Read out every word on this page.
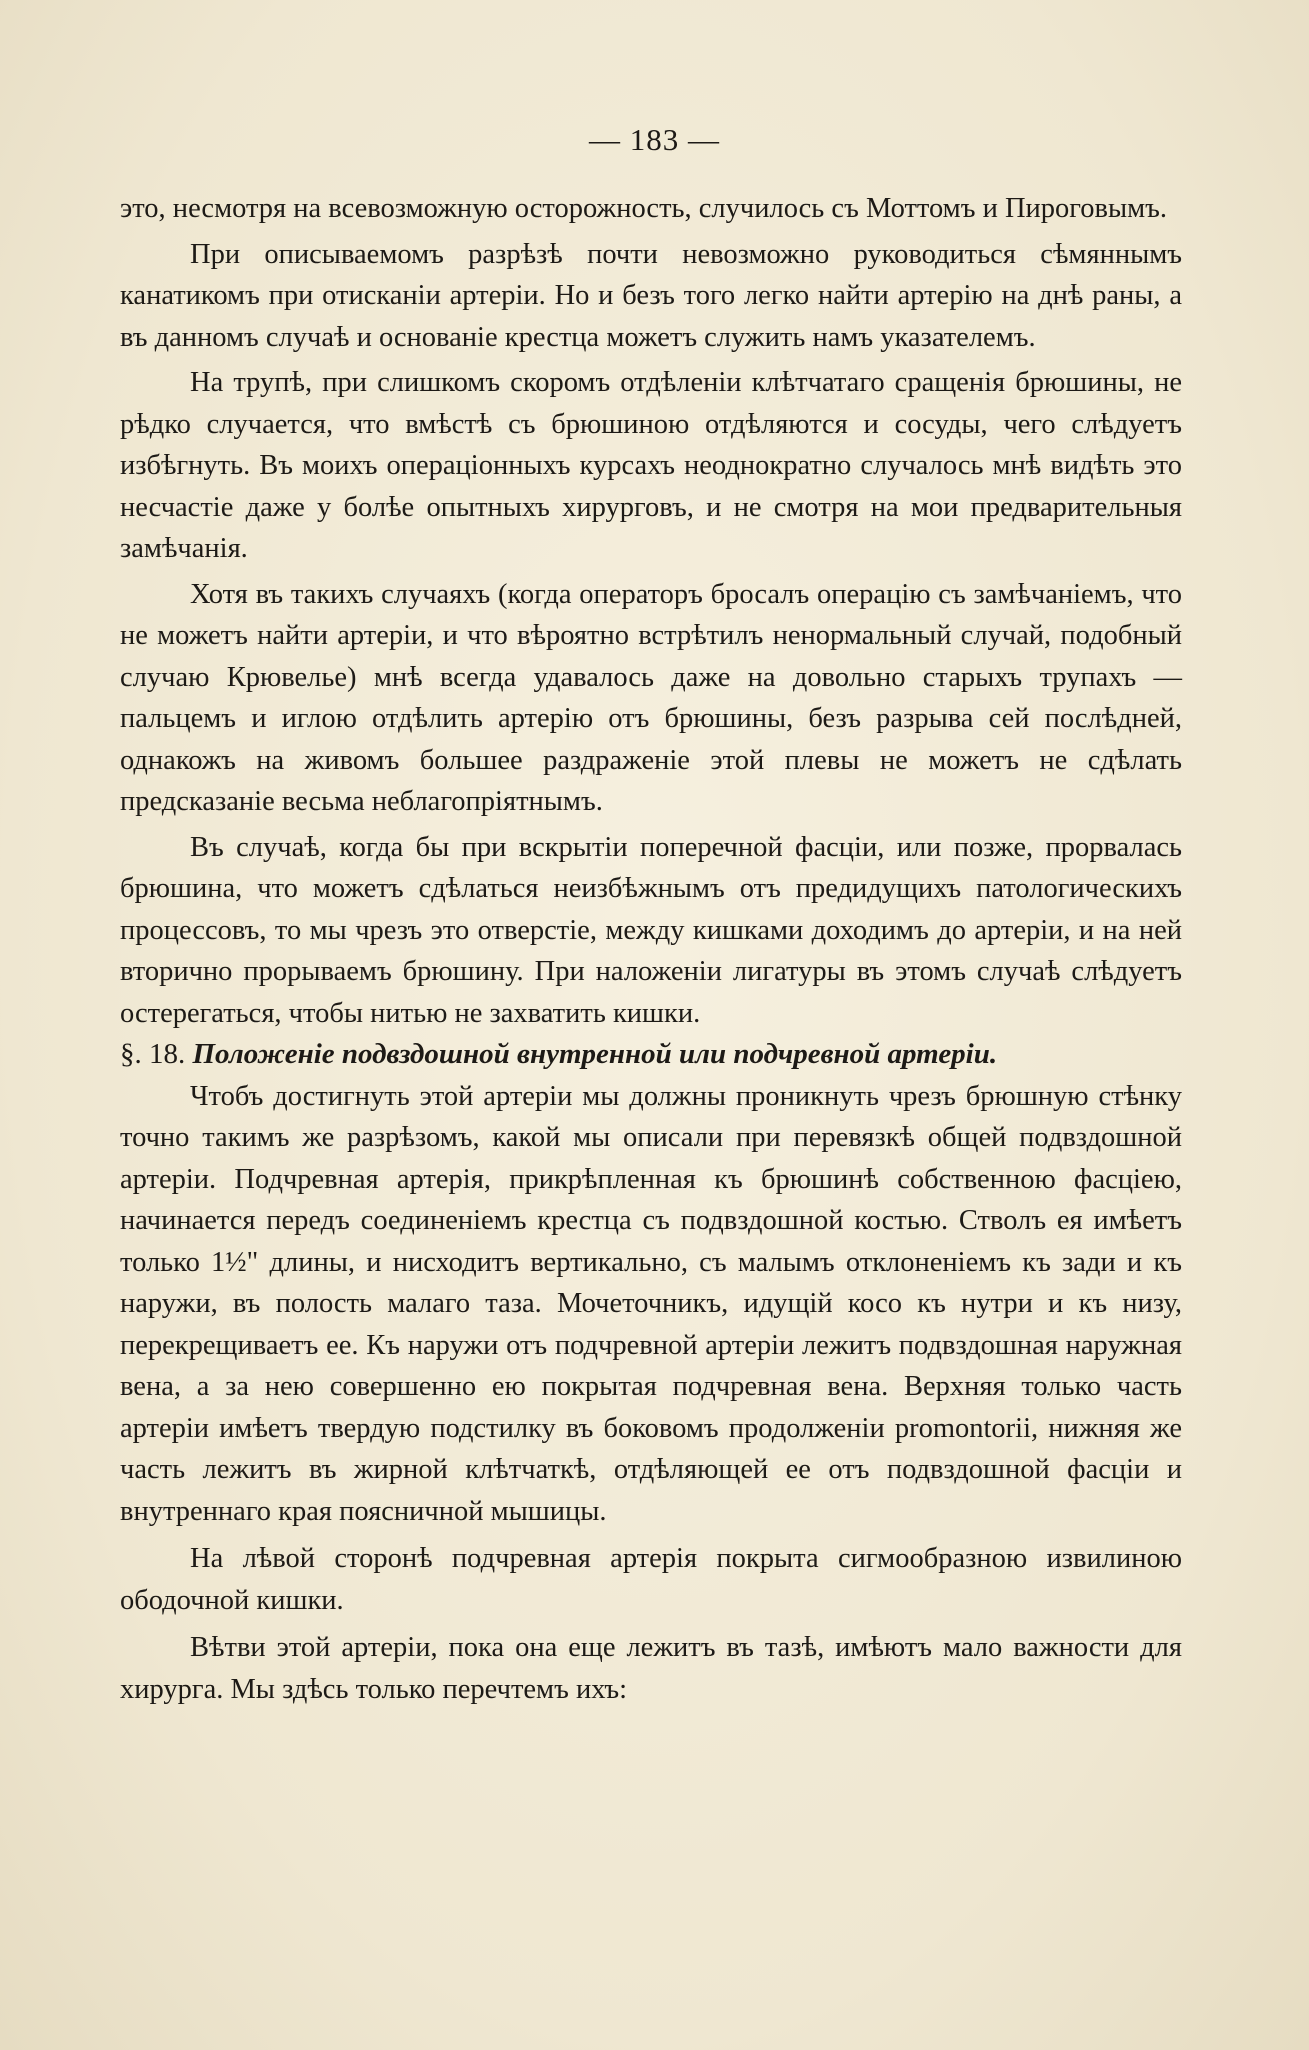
— 183 —

это, несмотря на всевозможную осторожность, случилось съ Моттомъ и Пироговымъ.

При описываемомъ разрѣзѣ почти невозможно руководиться сѣмяннымъ канатикомъ при отисканіи артеріи. Но и безъ того легко найти артерію на днѣ раны, а въ данномъ случаѣ и основаніе крестца можетъ служить намъ указателемъ.

На трупѣ, при слишкомъ скоромъ отдѣленіи клѣтчатаго сращенія брюшины, не рѣдко случается, что вмѣстѣ съ брюшиною отдѣляются и сосуды, чего слѣдуетъ избѣгнуть. Въ моихъ операціонныхъ курсахъ неоднократно случалось мнѣ видѣть это несчастіе даже у болѣе опытныхъ хирурговъ, и не смотря на мои предварительныя замѣчанія.

Хотя въ такихъ случаяхъ (когда операторъ бросалъ операцію съ замѣчаніемъ, что не можетъ найти артеріи, и что вѣроятно встрѣтилъ ненормальный случай, подобный случаю Крювелье) мнѣ всегда удавалось даже на довольно старыхъ трупахъ — пальцемъ и иглою отдѣлить артерію отъ брюшины, безъ разрыва сей послѣдней, однакожъ на живомъ большее раздраженіе этой плевы не можетъ не сдѣлать предсказаніе весьма неблагопріятнымъ.

Въ случаѣ, когда бы при вскрытіи поперечной фасціи, или позже, прорвалась брюшина, что можетъ сдѣлаться неизбѣжнымъ отъ предидущихъ патологическихъ процессовъ, то мы чрезъ это отверстіе, между кишками доходимъ до артеріи, и на ней вторично прорываемъ брюшину. При наложеніи лигатуры въ этомъ случаѣ слѣдуетъ остерегаться, чтобы нитью не захватить кишки.

§. 18. Положеніе подвздошной внутренной или подчревной артеріи.

Чтобъ достигнуть этой артеріи мы должны проникнуть чрезъ брюшную стѣнку точно такимъ же разрѣзомъ, какой мы описали при перевязкѣ общей подвздошной артеріи. Подчревная артерія, прикрѣпленная къ брюшинѣ собственною фасціею, начинается передъ соединеніемъ крестца съ подвздошной костью. Стволъ ея имѣетъ только 1½" длины, и нисходитъ вертикально, съ малымъ отклоненіемъ къ зади и къ наружи, въ полость малаго таза. Мочеточникъ, идущій косо къ нутри и къ низу, перекрещиваетъ ее. Къ наружи отъ подчревной артеріи лежитъ подвздошная наружная вена, а за нею совершенно ею покрытая подчревная вена. Верхняя только часть артеріи имѣетъ твердую подстилку въ боковомъ продолженіи promontorii, нижняя же часть лежитъ въ жирной клѣтчаткѣ, отдѣляющей ее отъ подвздошной фасціи и внутреннаго края поясничной мышицы.

На лѣвой сторонѣ подчревная артерія покрыта сигмообразною извилиною ободочной кишки.

Вѣтви этой артеріи, пока она еще лежитъ въ тазѣ, имѣютъ мало важности для хирурга. Мы здѣсь только перечтемъ ихъ:
